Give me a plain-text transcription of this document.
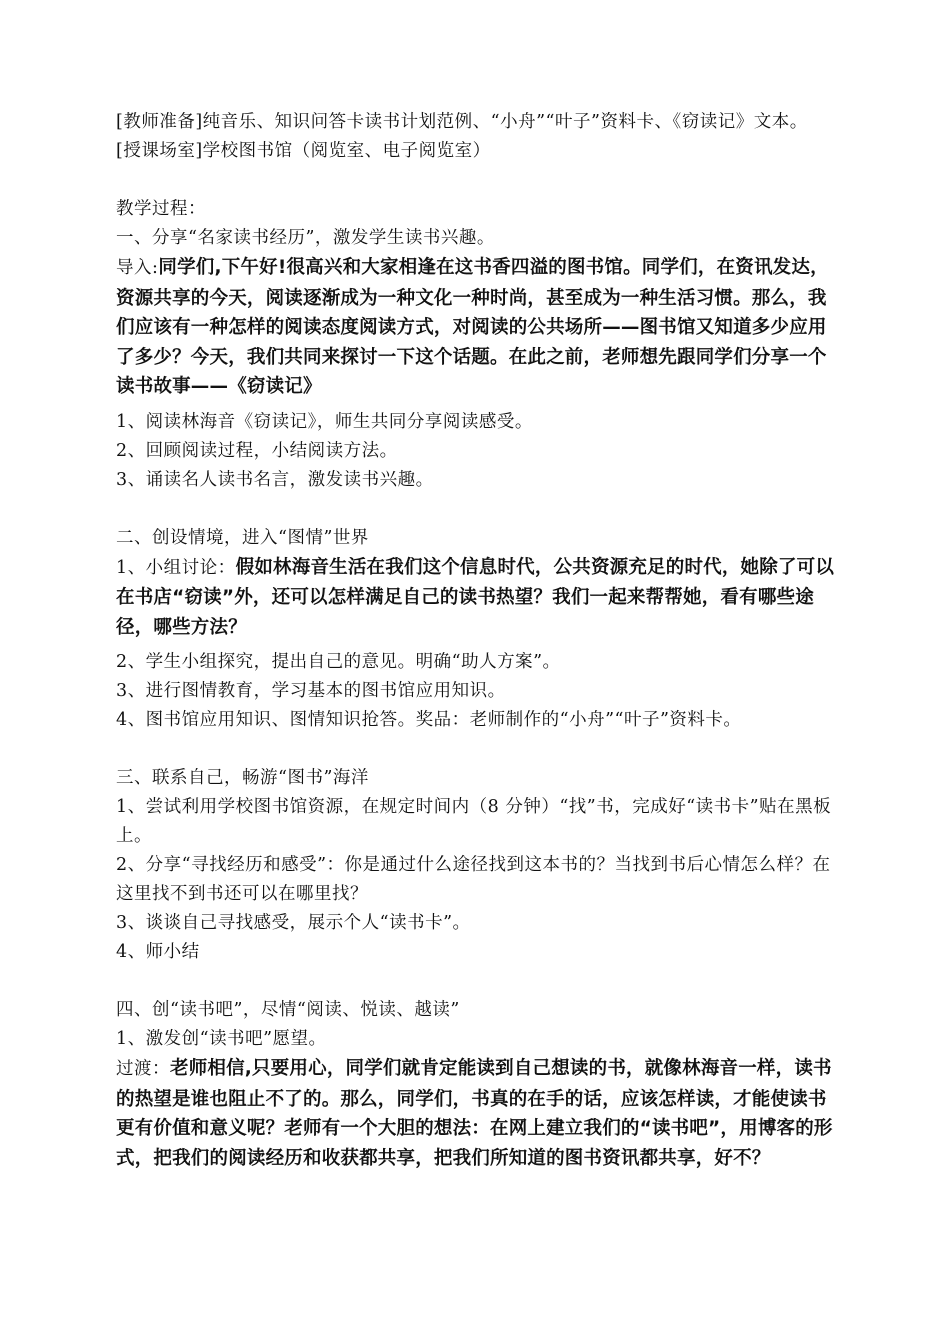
[教师准备]纯音乐、知识问答卡读书计划范例、“小舟”“叶子”资料卡、《窃读记》文本。

[授课场室]学校图书馆（阅览室、电子阅览室）

教学过程：

一、分享“名家读书经历”，激发学生读书兴趣。

导入:同学们,下午好!很高兴和大家相逢在这书香四溢的图书馆。同学们，在资讯发达，资源共享的今天，阅读逐渐成为一种文化一种时尚，甚至成为一种生活习惯。那么，我们应该有一种怎样的阅读态度阅读方式，对阅读的公共场所——图书馆又知道多少应用了多少？今天，我们共同来探讨一下这个话题。在此之前，老师想先跟同学们分享一个读书故事——《窃读记》

1、阅读林海音《窃读记》，师生共同分享阅读感受。

2、回顾阅读过程，小结阅读方法。

3、诵读名人读书名言，激发读书兴趣。

二、创设情境，进入“图情”世界

1、小组讨论：假如林海音生活在我们这个信息时代，公共资源充足的时代，她除了可以在书店“窃读”外，还可以怎样满足自己的读书热望？我们一起来帮帮她，看有哪些途径，哪些方法？

2、学生小组探究，提出自己的意见。明确“助人方案”。

3、进行图情教育，学习基本的图书馆应用知识。

4、图书馆应用知识、图情知识抢答。奖品：老师制作的“小舟”“叶子”资料卡。

三、联系自己，畅游“图书”海洋

1、尝试利用学校图书馆资源，在规定时间内（8 分钟）“找”书，完成好“读书卡”贴在黑板上。

2、分享“寻找经历和感受”：你是通过什么途径找到这本书的？当找到书后心情怎么样？在这里找不到书还可以在哪里找？

3、谈谈自己寻找感受，展示个人“读书卡”。

4、师小结

四、创“读书吧”，尽情“阅读、悦读、越读”

1、激发创“读书吧”愿望。

过渡：老师相信,只要用心，同学们就肯定能读到自己想读的书，就像林海音一样，读书的热望是谁也阻止不了的。那么，同学们，书真的在手的话，应该怎样读，才能使读书更有价值和意义呢？老师有一个大胆的想法：在网上建立我们的“读书吧”，用博客的形式，把我们的阅读经历和收获都共享，把我们所知道的图书资讯都共享，好不？
